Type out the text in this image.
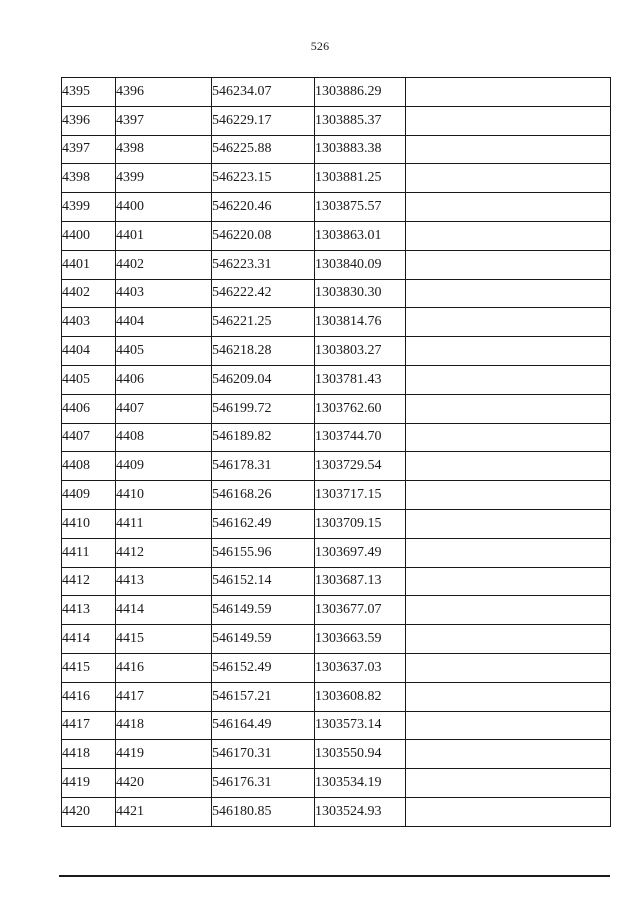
526
4395	4396	546234.07	1303886.29	
4396	4397	546229.17	1303885.37	
4397	4398	546225.88	1303883.38	
4398	4399	546223.15	1303881.25	
4399	4400	546220.46	1303875.57	
4400	4401	546220.08	1303863.01	
4401	4402	546223.31	1303840.09	
4402	4403	546222.42	1303830.30	
4403	4404	546221.25	1303814.76	
4404	4405	546218.28	1303803.27	
4405	4406	546209.04	1303781.43	
4406	4407	546199.72	1303762.60	
4407	4408	546189.82	1303744.70	
4408	4409	546178.31	1303729.54	
4409	4410	546168.26	1303717.15	
4410	4411	546162.49	1303709.15	
4411	4412	546155.96	1303697.49	
4412	4413	546152.14	1303687.13	
4413	4414	546149.59	1303677.07	
4414	4415	546149.59	1303663.59	
4415	4416	546152.49	1303637.03	
4416	4417	546157.21	1303608.82	
4417	4418	546164.49	1303573.14	
4418	4419	546170.31	1303550.94	
4419	4420	546176.31	1303534.19	
4420	4421	546180.85	1303524.93	
